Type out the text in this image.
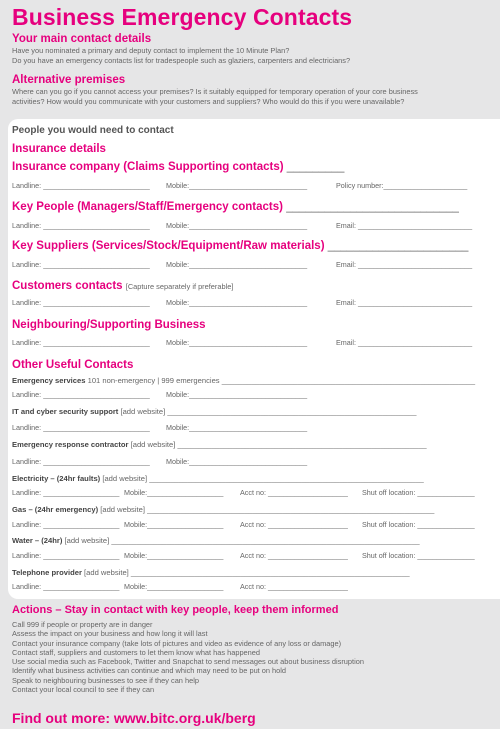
Business Emergency Contacts
Your main contact details
Have you nominated a primary and deputy contact to implement the 10 Minute Plan?
Do you have an emergency contacts list for tradespeople such as glaziers, carpenters and electricians?
Alternative premises
Where can you go if you cannot access your premises? Is it suitably equipped for temporary operation of your core business
activities? How would you communicate with your customers and suppliers? Who would do this if you were unavailable?
People you would need to contact
Insurance details
Insurance company (Claims Supporting contacts) _________
Landline: ____________________________ Mobile:_______________________________	Policy number:______________________
Key People (Managers/Staff/Emergency contacts) ___________________________
Landline: ____________________________ Mobile:_______________________________	Email: ______________________________
Key Suppliers (Services/Stock/Equipment/Raw materials) ______________________
Landline: ____________________________ Mobile:_______________________________	Email: ______________________________
Customers contacts [Capture separately if preferable]
Landline: ____________________________ Mobile:_______________________________	Email: ______________________________
Neighbouring/Supporting Business
Landline: ____________________________ Mobile:_______________________________	Email: ______________________________
Other Useful Contacts
Emergency services 101 non-emergency | 999 emergencies ____________________________________________________________
Landline: ____________________________ Mobile:_______________________________
IT and cyber security support [add website] ___________________________________________________________
Landline: ____________________________ Mobile:_______________________________
Emergency response contractor [add website] ___________________________________________________________
Landline: ____________________________ Mobile:_______________________________
Electricity – (24hr faults) [add website] _________________________________________________________________
Landline: ____________________ Mobile:____________________ Acct no: _____________________ Shut off location: _______________
Gas – (24hr emergency) [add website] ____________________________________________________________________
Landline: ____________________ Mobile:____________________ Acct no: _____________________ Shut off location: _______________
Water – (24hr) [add website] _________________________________________________________________________
Landline: ____________________ Mobile:____________________ Acct no: _____________________ Shut off location: _______________
Telephone provider [add website] __________________________________________________________________
Landline: ____________________ Mobile:____________________ Acct no: _____________________
Actions – Stay in contact with key people, keep them informed
Call 999 if people or property are in danger
Assess the impact on your business and how long it will last
Contact your insurance company (take lots of pictures and video as evidence of any loss or damage)
Contact staff, suppliers and customers to let them know what has happened
Use social media such as Facebook, Twitter and Snapchat to send messages out about business disruption
Identify what business activities can continue and which may need to be put on hold
Speak to neighbouring businesses to see if they can help
Contact your local council to see if they can
Find out more: www.bitc.org.uk/berg
